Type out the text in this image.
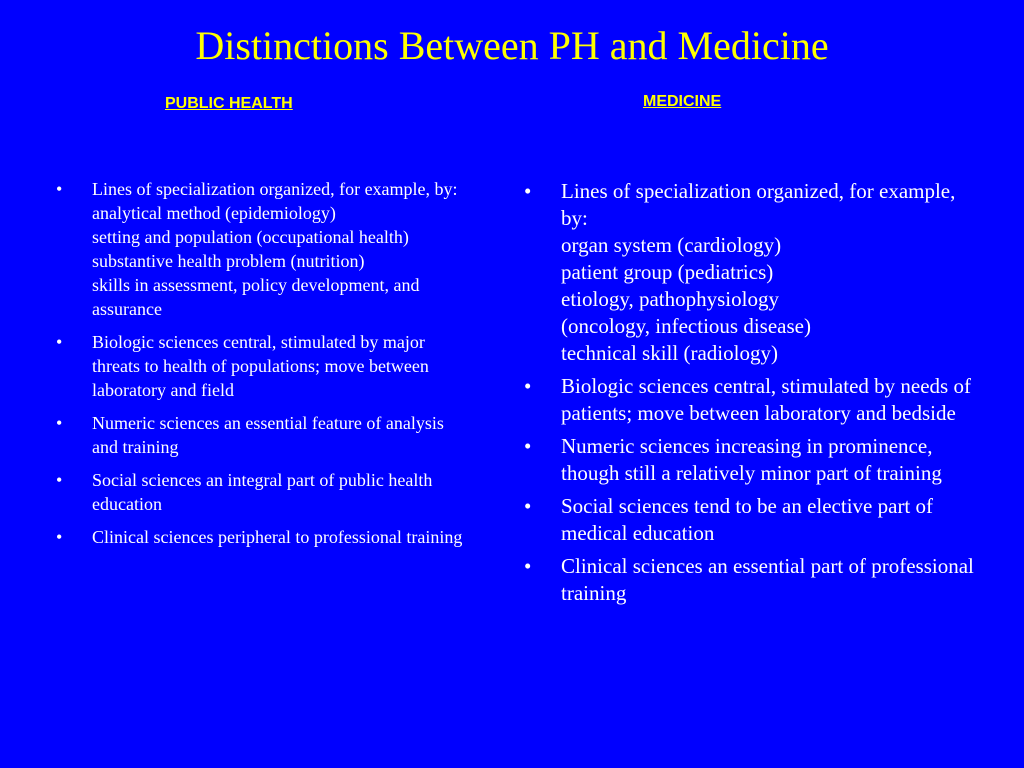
Distinctions Between PH and Medicine
PUBLIC HEALTH	MEDICINE
• Lines of specialization organized, for example, by: analytical method (epidemiology)
setting and population (occupational health)
substantive health problem (nutrition)
skills in assessment, policy development, and assurance
• Biologic sciences central, stimulated by major threats to health of populations; move between laboratory and field
• Numeric sciences an essential feature of analysis and training
• Social sciences an integral part of public health education
• Clinical sciences peripheral to professional training
• Lines of specialization organized, for example, by:
organ system (cardiology)
patient group (pediatrics)
etiology, pathophysiology
(oncology, infectious disease)
technical skill (radiology)
• Biologic sciences central, stimulated by needs of patients; move between laboratory and bedside
• Numeric sciences increasing in prominence, though still a relatively minor part of training
• Social sciences tend to be an elective part of medical education
• Clinical sciences an essential part of professional training
